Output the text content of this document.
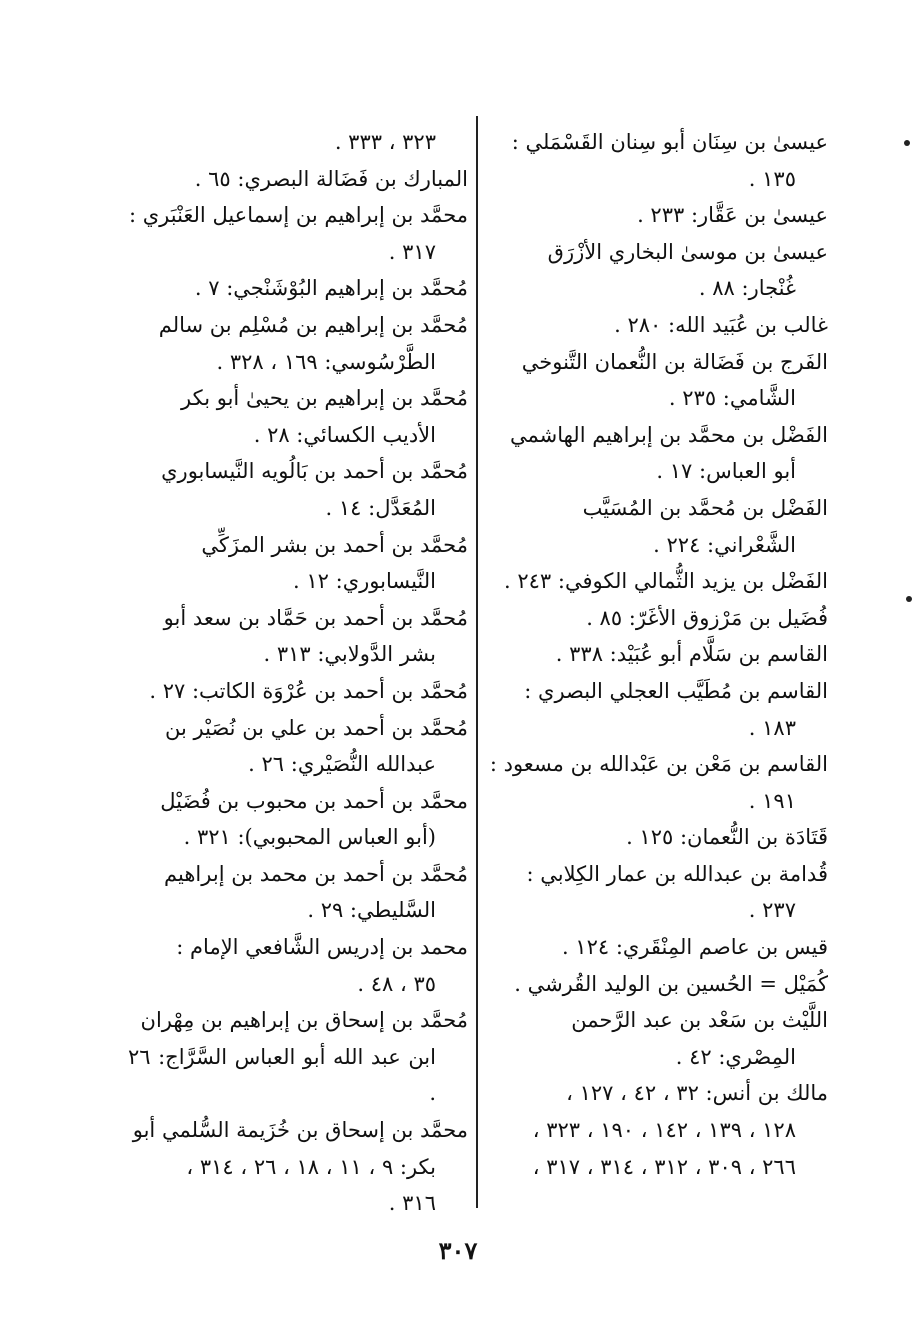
عيسىٰ بن سِنَان أبو سِنان القَسْمَلي :
١٣٥ .
عيسىٰ بن عَقَّار: ٢٣٣ .
عيسىٰ بن موسىٰ البخاري الأزْرَق
غُنْجار: ٨٨ .
غالب بن عُبَيد الله: ٢٨٠ .
الفَرج بن فَضَالة بن النُّعمان التَّنوخي
الشَّامي: ٢٣٥ .
الفَضْل بن محمَّد بن إبراهيم الهاشمي
أبو العباس: ١٧ .
الفَضْل بن مُحمَّد بن المُسَيَّب
الشَّعْراني: ٢٢٤ .
الفَضْل بن يزيد الثُّمالي الكوفي: ٢٤٣ .
فُضَيل بن مَرْزوق الأغَرّ: ٨٥ .
القاسم بن سَلَّام أبو عُبَيْد: ٣٣٨ .
القاسم بن مُطَيَّب العجلي البصري :
١٨٣ .
القاسم بن مَعْن بن عَبْدالله بن مسعود :
١٩١ .
قَتَادَة بن النُّعمان: ١٢٥ .
قُدامة بن عبدالله بن عمار الكِلابي :
٢٣٧ .
قيس بن عاصم المِنْقَري: ١٢٤ .
كُمَيْل = الحُسين بن الوليد القُرشي .
اللَّيْث بن سَعْد بن عبد الرَّحمن
المِصْري: ٤٢ .
مالك بن أنس: ٣٢ ، ٤٢ ، ١٢٧ ،
١٢٨ ، ١٣٩ ، ١٤٢ ، ١٩٠ ، ٣٢٣ ،
٢٦٦ ، ٣٠٩ ، ٣١٢ ، ٣١٤ ، ٣١٧ ،
٣٢٣ ، ٣٣٣ .
المبارك بن فَضَالة البصري: ٦٥ .
محمَّد بن إبراهيم بن إسماعيل العَنْبَري :
٣١٧ .
مُحمَّد بن إبراهيم البُوْشَنْجي: ٧ .
مُحمَّد بن إبراهيم بن مُسْلِم بن سالم
الطَّرْسُوسي: ١٦٩ ، ٣٢٨ .
مُحمَّد بن إبراهيم بن يحيىٰ أبو بكر
الأديب الكسائي: ٢٨ .
مُحمَّد بن أحمد بن بَالُويه النَّيسابوري
المُعَدَّل: ١٤ .
مُحمَّد بن أحمد بن بشر المزَكِّي
النَّيسابوري: ١٢ .
مُحمَّد بن أحمد بن حَمَّاد بن سعد أبو
بشر الدَّولابي: ٣١٣ .
مُحمَّد بن أحمد بن عُرْوَة الكاتب: ٢٧ .
مُحمَّد بن أحمد بن علي بن نُصَيْر بن
عبدالله النُّصَيْري: ٢٦ .
محمَّد بن أحمد بن محبوب بن فُضَيْل
(أبو العباس المحبوبي): ٣٢١ .
مُحمَّد بن أحمد بن محمد بن إبراهيم
السَّليطي: ٢٩ .
محمد بن إدريس الشَّافعي الإمام :
٣٥ ، ٤٨ .
مُحمَّد بن إسحاق بن إبراهيم بن مِهْران
ابن عبد الله أبو العباس السَّرَّاج: ٢٦ .
محمَّد بن إسحاق بن خُزَيمة السُّلمي أبو
بكر: ٩ ، ١١ ، ١٨ ، ٢٦ ، ٣١٤ ،
٣١٦ .
٣٠٧
